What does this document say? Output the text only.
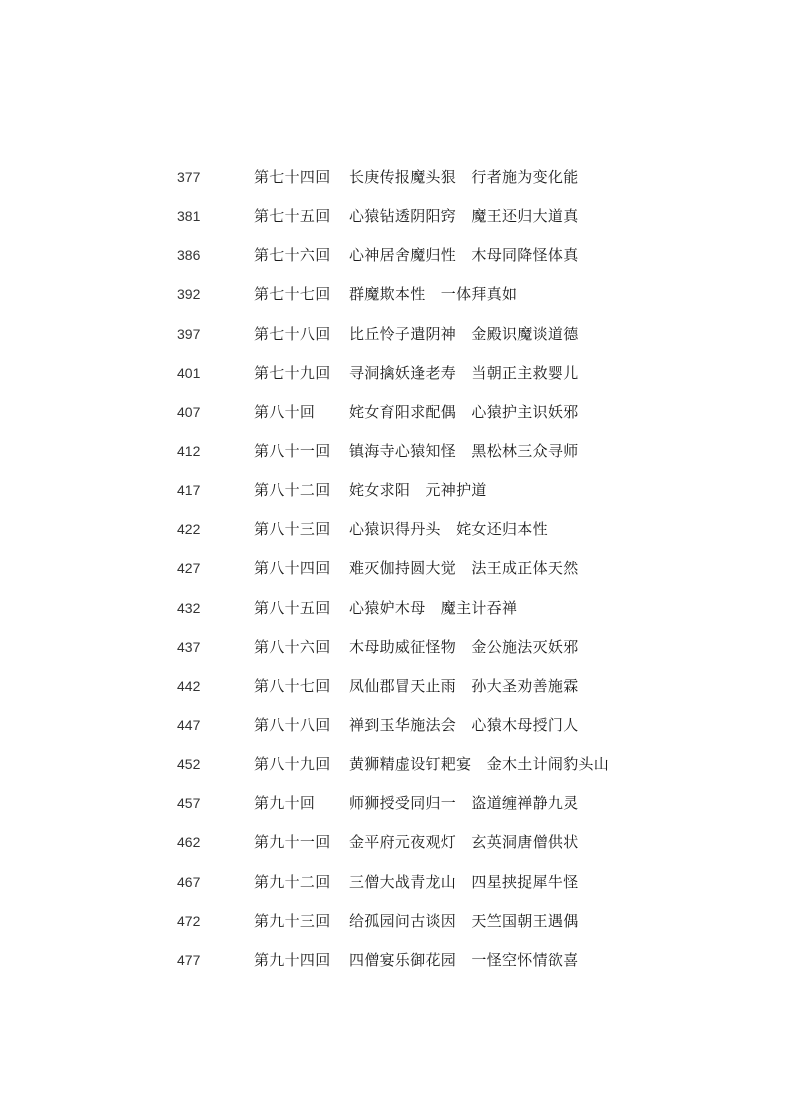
377	第七十四回 长庚传报魔头狠　行者施为变化能
381	第七十五回 心猿钻透阴阳窍　魔王还归大道真
386	第七十六回 心神居舍魔归性　木母同降怪体真
392	第七十七回 群魔欺本性　一体拜真如
397	第七十八回 比丘怜子遣阴神　金殿识魔谈道德
401	第七十九回 寻洞擒妖逢老寿　当朝正主救婴儿
407	第八十回 姹女育阳求配偶　心猿护主识妖邪
412	第八十一回 镇海寺心猿知怪　黑松林三众寻师
417	第八十二回 姹女求阳　元神护道
422	第八十三回 心猿识得丹头　姹女还归本性
427	第八十四回 难灭伽持圆大觉　法王成正体天然
432	第八十五回 心猿妒木母　魔主计吞禅
437	第八十六回 木母助威征怪物　金公施法灭妖邪
442	第八十七回 凤仙郡冒天止雨　孙大圣劝善施霖
447	第八十八回 禅到玉华施法会　心猿木母授门人
452	第八十九回 黄狮精虚设钉耙宴　金木土计闹豹头山
457	第九十回 师狮授受同归一　盗道缠禅静九灵
462	第九十一回 金平府元夜观灯　玄英洞唐僧供状
467	第九十二回 三僧大战青龙山　四星挟捉犀牛怪
472	第九十三回 给孤园问古谈因　天竺国朝王遇偶
477	第九十四回 四僧宴乐御花园　一怪空怀情欲喜
